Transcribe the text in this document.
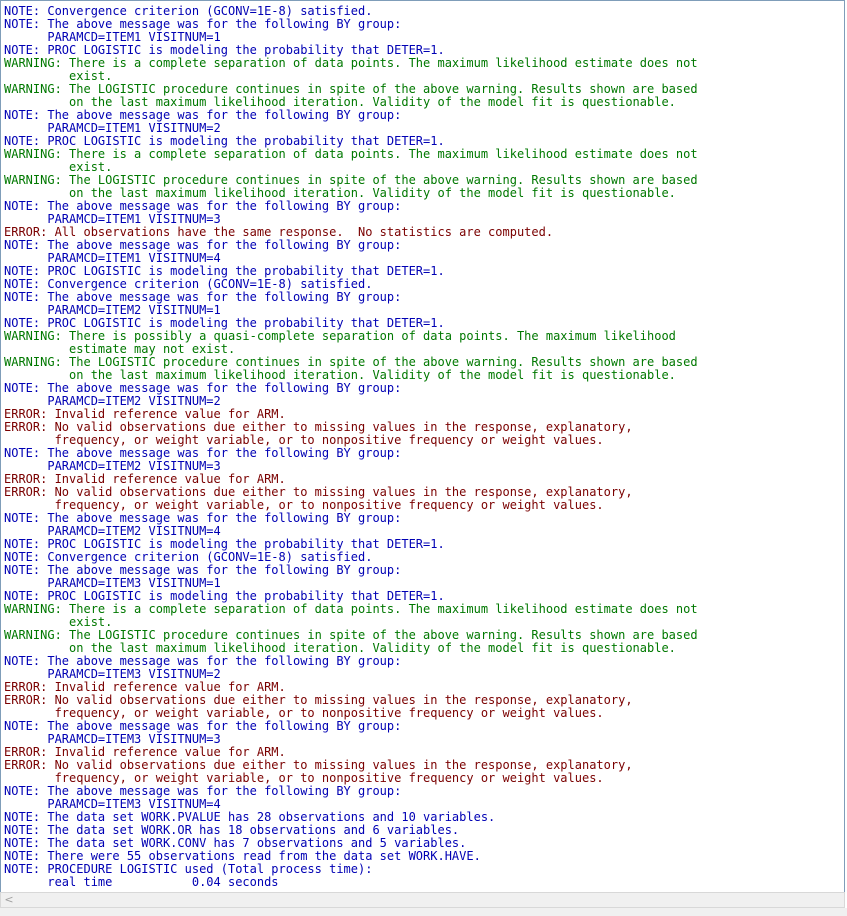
NOTE: Convergence criterion (GCONV=1E-8) satisfied.
NOTE: The above message was for the following BY group:
PARAMCD=ITEM1 VISITNUM=1
NOTE: PROC LOGISTIC is modeling the probability that DETER=1.
WARNING: There is a complete separation of data points. The maximum likelihood estimate does not
exist.
WARNING: The LOGISTIC procedure continues in spite of the above warning. Results shown are based
on the last maximum likelihood iteration. Validity of the model fit is questionable.
NOTE: The above message was for the following BY group:
PARAMCD=ITEM1 VISITNUM=2
NOTE: PROC LOGISTIC is modeling the probability that DETER=1.
WARNING: There is a complete separation of data points. The maximum likelihood estimate does not
exist.
WARNING: The LOGISTIC procedure continues in spite of the above warning. Results shown are based
on the last maximum likelihood iteration. Validity of the model fit is questionable.
NOTE: The above message was for the following BY group:
PARAMCD=ITEM1 VISITNUM=3
ERROR: All observations have the same response.  No statistics are computed.
NOTE: The above message was for the following BY group:
PARAMCD=ITEM1 VISITNUM=4
NOTE: PROC LOGISTIC is modeling the probability that DETER=1.
NOTE: Convergence criterion (GCONV=1E-8) satisfied.
NOTE: The above message was for the following BY group:
PARAMCD=ITEM2 VISITNUM=1
NOTE: PROC LOGISTIC is modeling the probability that DETER=1.
WARNING: There is possibly a quasi-complete separation of data points. The maximum likelihood
estimate may not exist.
WARNING: The LOGISTIC procedure continues in spite of the above warning. Results shown are based
on the last maximum likelihood iteration. Validity of the model fit is questionable.
NOTE: The above message was for the following BY group:
PARAMCD=ITEM2 VISITNUM=2
ERROR: Invalid reference value for ARM.
ERROR: No valid observations due either to missing values in the response, explanatory,
frequency, or weight variable, or to nonpositive frequency or weight values.
NOTE: The above message was for the following BY group:
PARAMCD=ITEM2 VISITNUM=3
ERROR: Invalid reference value for ARM.
ERROR: No valid observations due either to missing values in the response, explanatory,
frequency, or weight variable, or to nonpositive frequency or weight values.
NOTE: The above message was for the following BY group:
PARAMCD=ITEM2 VISITNUM=4
NOTE: PROC LOGISTIC is modeling the probability that DETER=1.
NOTE: Convergence criterion (GCONV=1E-8) satisfied.
NOTE: The above message was for the following BY group:
PARAMCD=ITEM3 VISITNUM=1
NOTE: PROC LOGISTIC is modeling the probability that DETER=1.
WARNING: There is a complete separation of data points. The maximum likelihood estimate does not
exist.
WARNING: The LOGISTIC procedure continues in spite of the above warning. Results shown are based
on the last maximum likelihood iteration. Validity of the model fit is questionable.
NOTE: The above message was for the following BY group:
PARAMCD=ITEM3 VISITNUM=2
ERROR: Invalid reference value for ARM.
ERROR: No valid observations due either to missing values in the response, explanatory,
frequency, or weight variable, or to nonpositive frequency or weight values.
NOTE: The above message was for the following BY group:
PARAMCD=ITEM3 VISITNUM=3
ERROR: Invalid reference value for ARM.
ERROR: No valid observations due either to missing values in the response, explanatory,
frequency, or weight variable, or to nonpositive frequency or weight values.
NOTE: The above message was for the following BY group:
PARAMCD=ITEM3 VISITNUM=4
NOTE: The data set WORK.PVALUE has 28 observations and 10 variables.
NOTE: The data set WORK.OR has 18 observations and 6 variables.
NOTE: The data set WORK.CONV has 7 observations and 5 variables.
NOTE: There were 55 observations read from the data set WORK.HAVE.
NOTE: PROCEDURE LOGISTIC used (Total process time):
real time           0.04 seconds
<
